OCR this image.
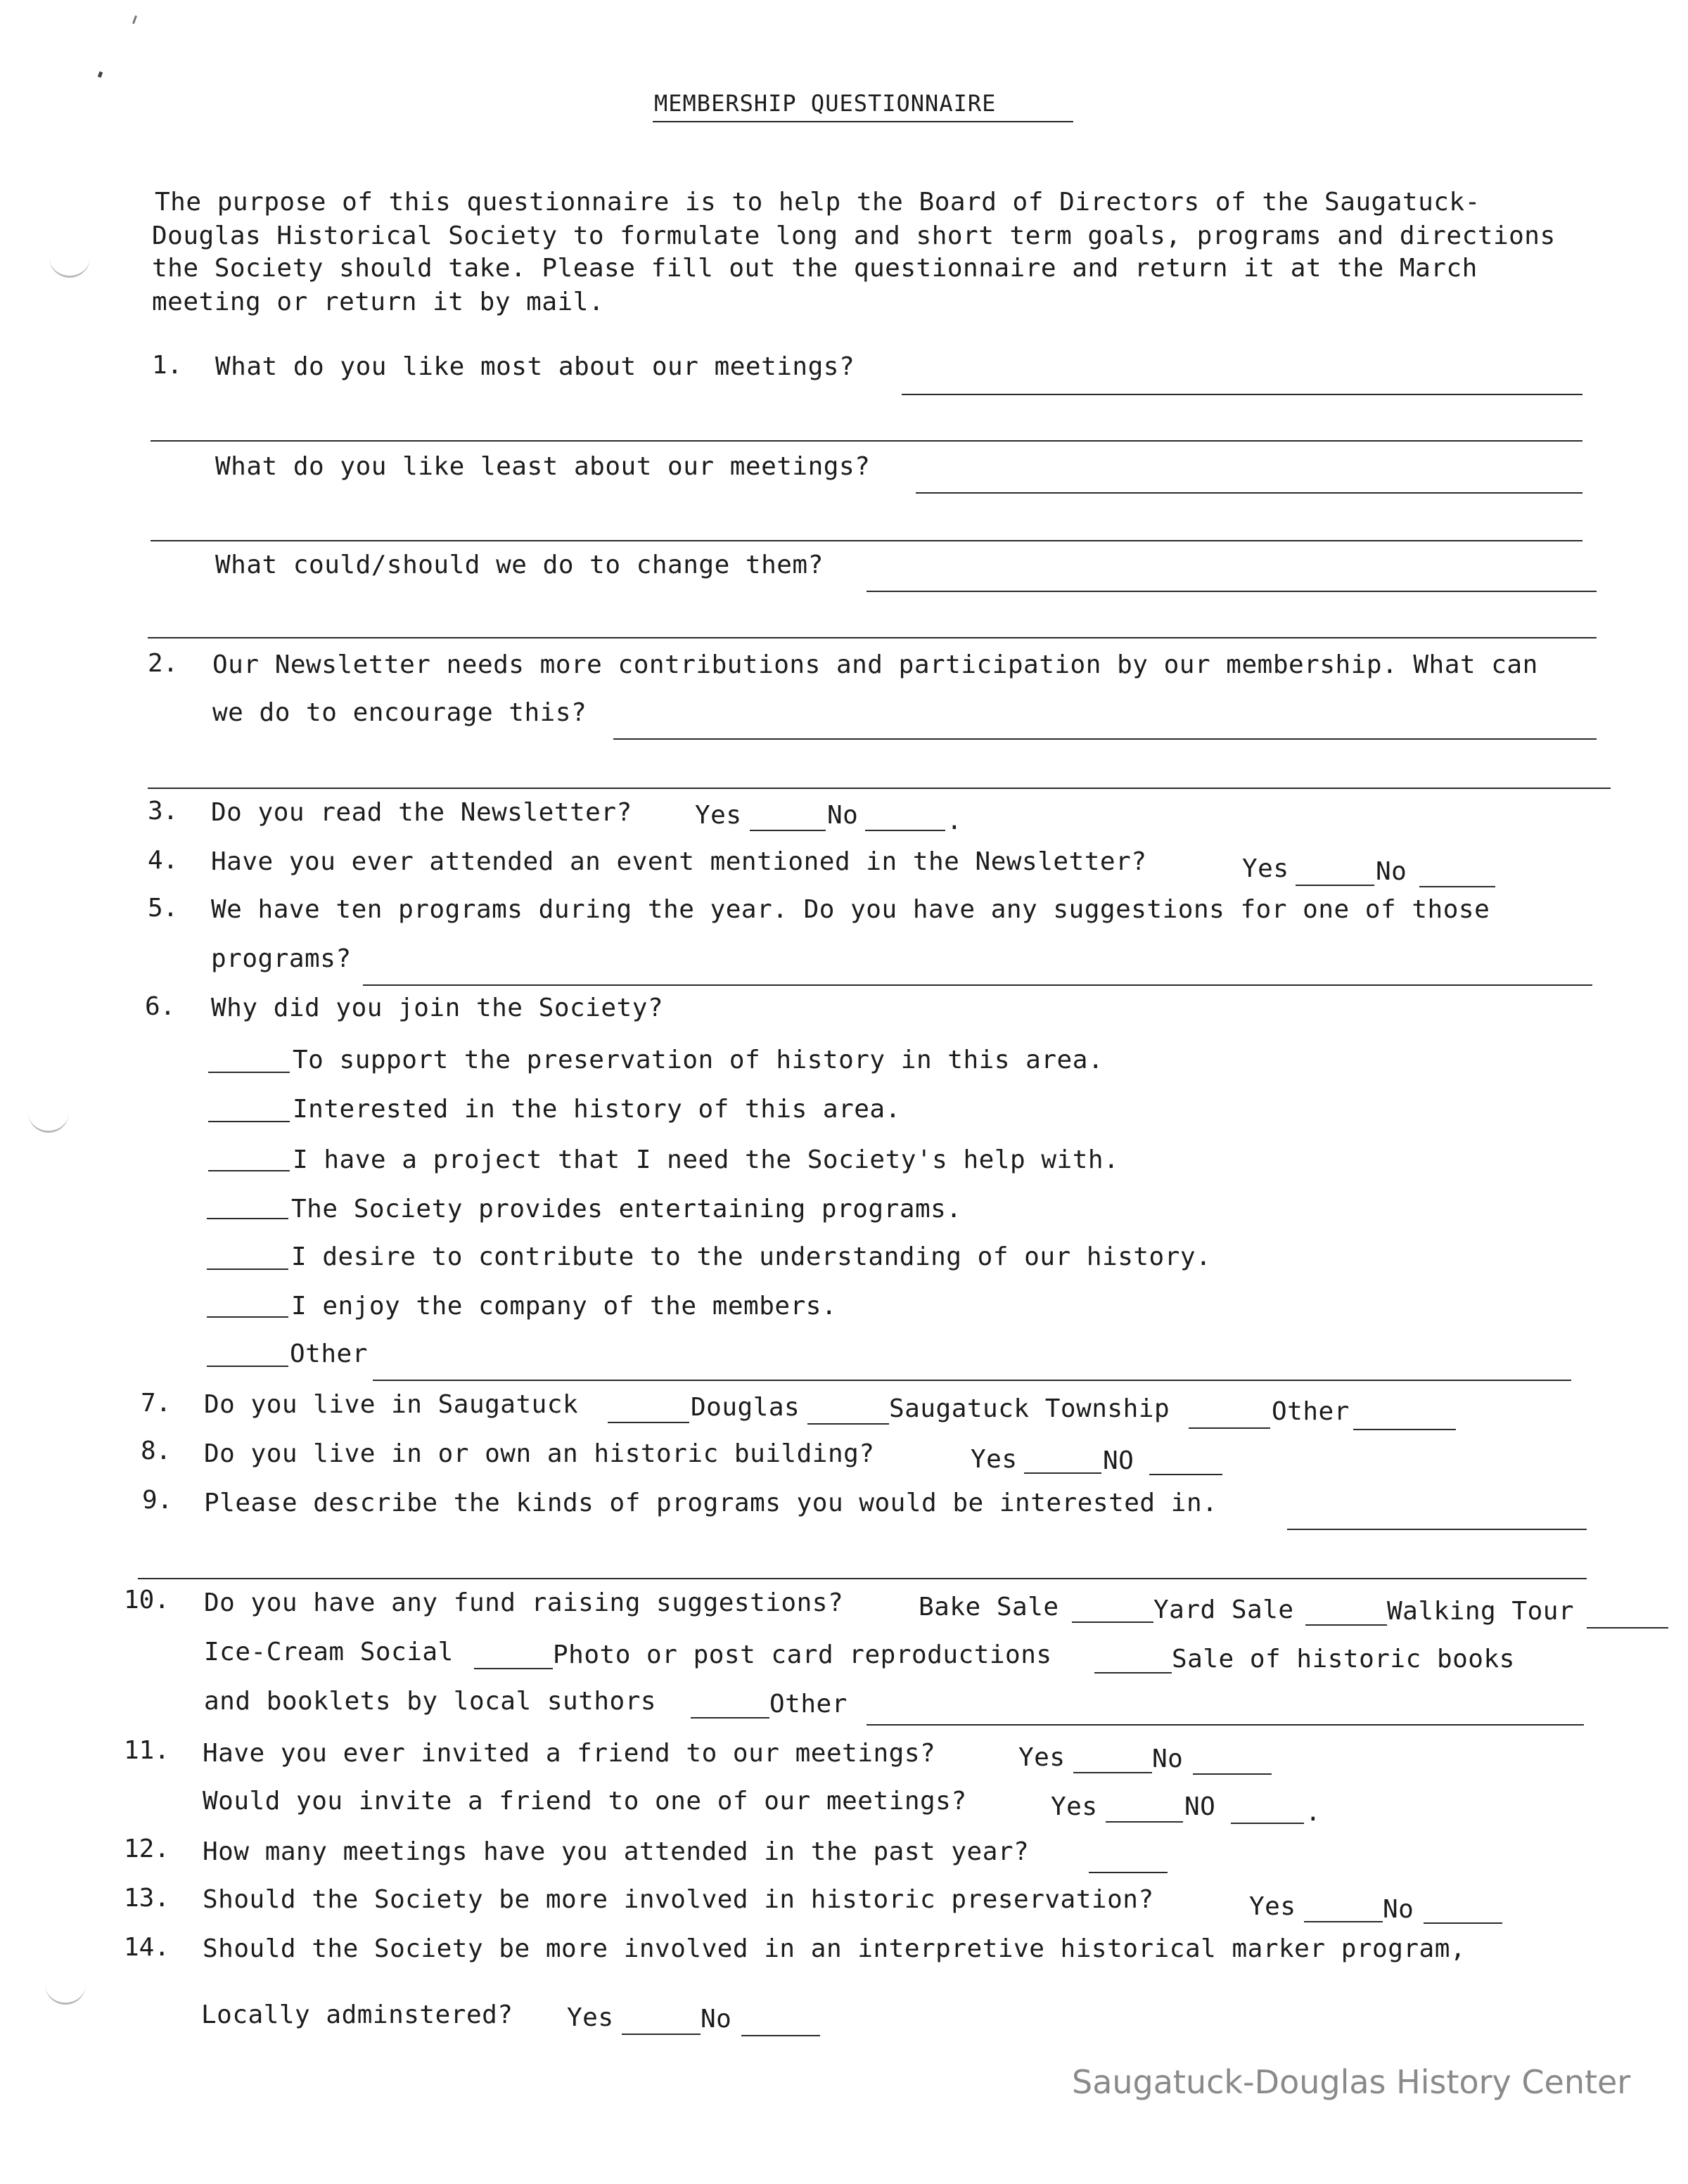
MEMBERSHIP QUESTIONNAIRE
The purpose of this questionnaire is to help the Board of Directors of the Saugatuck-
Douglas Historical Society to formulate long and short term goals, programs and directions
the Society should take. Please fill out the questionnaire and return it at the March
meeting or return it by mail.
1. What do you like most about our meetings?
What do you like least about our meetings?
What could/should we do to change them?
2. Our Newsletter needs more contributions and participation by our membership. What can
we do to encourage this?
3. Do you read the Newsletter? Yes	No	.
4. Have you ever attended an event mentioned in the Newsletter?	Yes	No
5. We have ten programs during the year. Do you have any suggestions for one of those
programs?
6. Why did you join the Society?
To support the preservation of history in this area.
Interested in the history of this area.
I have a project that I need the Society's help with.
The Society provides entertaining programs.
I desire to contribute to the understanding of our history.
I enjoy the company of the members.
Other
7. Do you live in Saugatuck	Douglas	Saugatuck Township	Other
8. Do you live in or own an historic building?	Yes	NO
9. Please describe the kinds of programs you would be interested in.
10. Do you have any fund raising suggestions?	Bake Sale	Yard Sale	Walking Tour
Ice-Cream Social	Photo or post card reproductions	Sale of historic books
and booklets by local suthors	Other
11. Have you ever invited a friend to our meetings?	Yes	No
Would you invite a friend to one of our meetings?	Yes	NO	.
12. How many meetings have you attended in the past year?
13. Should the Society be more involved in historic preservation?	Yes	No
14. Should the Society be more involved in an interpretive historical marker program,
Locally adminstered? Yes	No
Saugatuck-Douglas History Center
